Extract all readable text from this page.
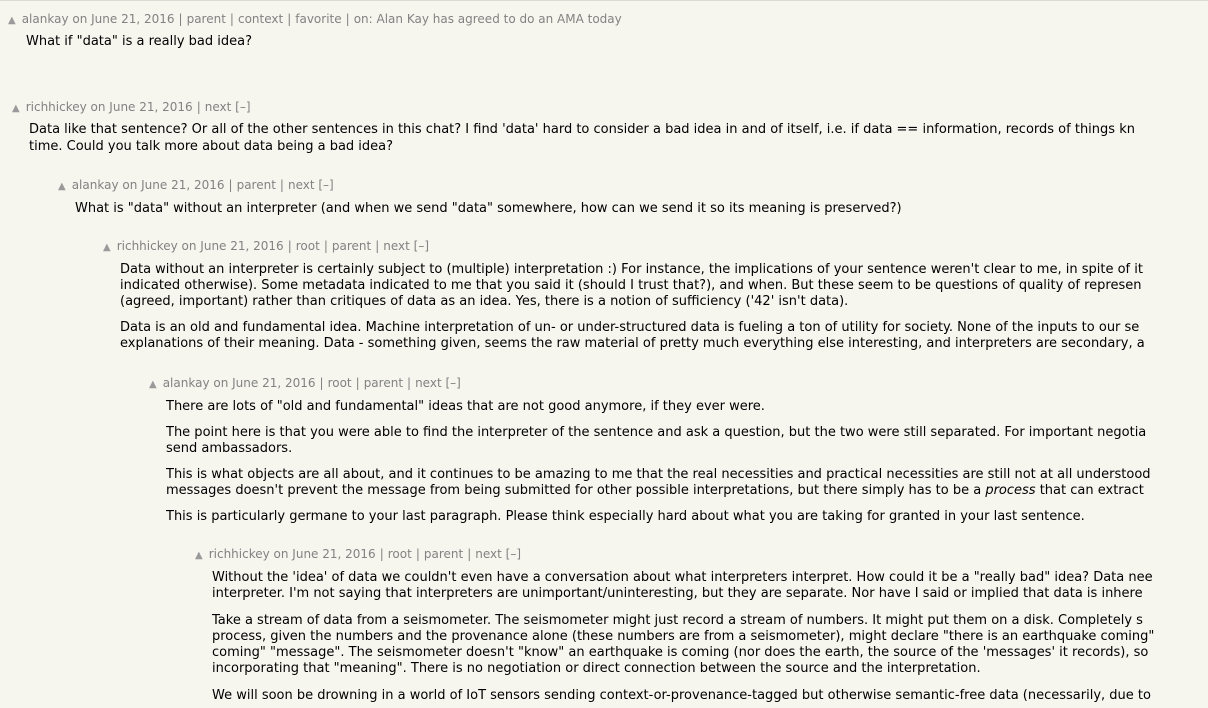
▲ alankay on June 21, 2016 | parent | context | favorite | on: Alan Kay has agreed to do an AMA today

What if "data" is a really bad idea?

▲ richhickey on June 21, 2016 | next [–]

Data like that sentence? Or all of the other sentences in this chat? I find 'data' hard to consider a bad idea in and of itself, i.e. if data == information, records of things kn

time. Could you talk more about data being a bad idea?

▲ alankay on June 21, 2016 | parent | next [–]

What is "data" without an interpreter (and when we send "data" somewhere, how can we send it so its meaning is preserved?)

▲ richhickey on June 21, 2016 | root | parent | next [–]

Data without an interpreter is certainly subject to (multiple) interpretation :) For instance, the implications of your sentence weren't clear to me, in spite of it

indicated otherwise). Some metadata indicated to me that you said it (should I trust that?), and when. But these seem to be questions of quality of represen

(agreed, important) rather than critiques of data as an idea. Yes, there is a notion of sufficiency ('42' isn't data).

Data is an old and fundamental idea. Machine interpretation of un- or under-structured data is fueling a ton of utility for society. None of the inputs to our se

explanations of their meaning. Data - something given, seems the raw material of pretty much everything else interesting, and interpreters are secondary, a

▲ alankay on June 21, 2016 | root | parent | next [–]

There are lots of "old and fundamental" ideas that are not good anymore, if they ever were.

The point here is that you were able to find the interpreter of the sentence and ask a question, but the two were still separated. For important negotia

send ambassadors.

This is what objects are all about, and it continues to be amazing to me that the real necessities and practical necessities are still not at all understood

messages doesn't prevent the message from being submitted for other possible interpretations, but there simply has to be a process that can extract

This is particularly germane to your last paragraph. Please think especially hard about what you are taking for granted in your last sentence.

▲ richhickey on June 21, 2016 | root | parent | next [–]

Without the 'idea' of data we couldn't even have a conversation about what interpreters interpret. How could it be a "really bad" idea? Data nee

interpreter. I'm not saying that interpreters are unimportant/uninteresting, but they are separate. Nor have I said or implied that data is inhere

Take a stream of data from a seismometer. The seismometer might just record a stream of numbers. It might put them on a disk. Completely s

process, given the numbers and the provenance alone (these numbers are from a seismometer), might declare "there is an earthquake coming"

coming" "message". The seismometer doesn't "know" an earthquake is coming (nor does the earth, the source of the 'messages' it records), so

incorporating that "meaning". There is no negotiation or direct connection between the source and the interpretation.

We will soon be drowning in a world of IoT sensors sending context-or-provenance-tagged but otherwise semantic-free data (necessarily, due to
